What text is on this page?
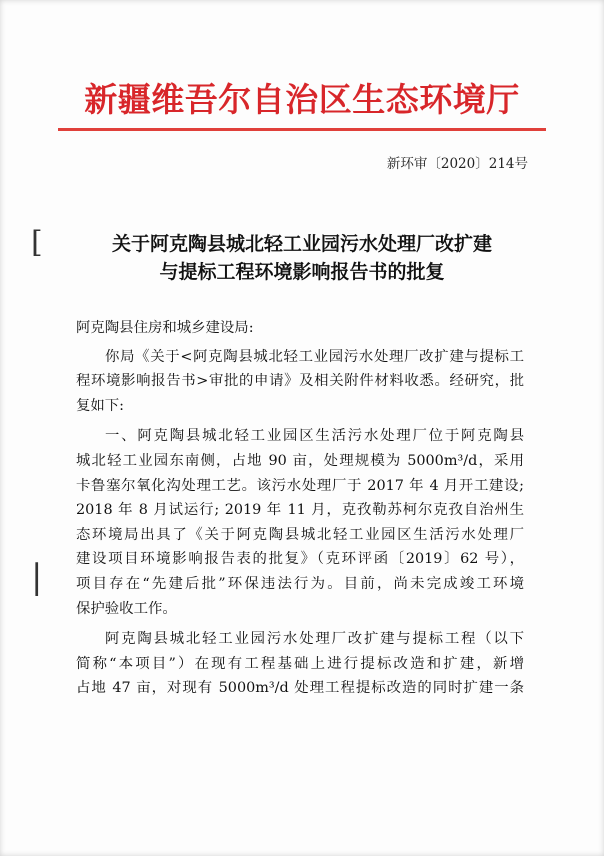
新疆维吾尔自治区生态环境厅
新环审〔2020〕214号
[
|
关于阿克陶县城北轻工业园污水处理厂改扩建
与提标工程环境影响报告书的批复
阿克陶县住房和城乡建设局:
你局《关于<阿克陶县城北轻工业园污水处理厂改扩建与提标工
程环境影响报告书>审批的申请》及相关附件材料收悉。经研究，批
复如下:
一、阿克陶县城北轻工业园区生活污水处理厂位于阿克陶县
城北轻工业园东南侧，占地 90 亩，处理规模为 5000m³/d，采用
卡鲁塞尔氧化沟处理工艺。该污水处理厂于 2017 年 4 月开工建设;
2018 年 8 月试运行; 2019 年 11 月，克孜勒苏柯尔克孜自治州生
态环境局出具了《关于阿克陶县城北轻工业园区生活污水处理厂
建设项目环境影响报告表的批复》（克环评函〔2019〕62 号），
项目存在“先建后批”环保违法行为。目前，尚未完成竣工环境
保护验收工作。
阿克陶县城北轻工业园污水处理厂改扩建与提标工程（以下
简称“本项目”）在现有工程基础上进行提标改造和扩建，新增
占地 47 亩，对现有 5000m³/d 处理工程提标改造的同时扩建一条
